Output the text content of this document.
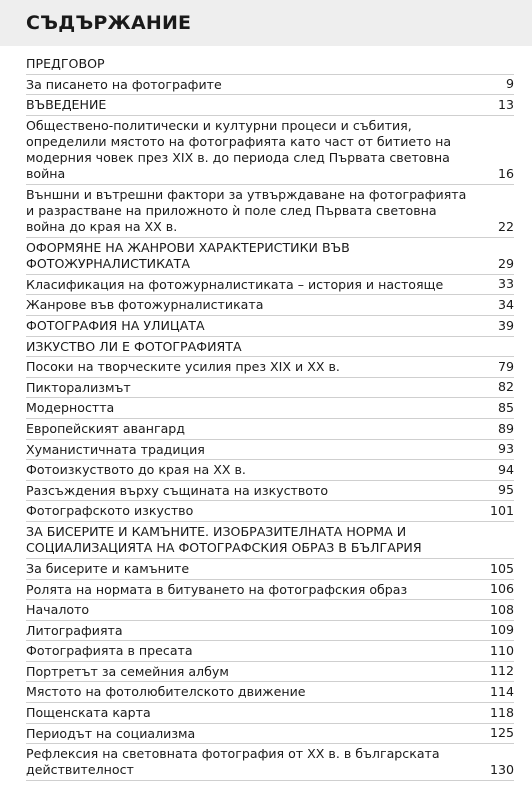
СЪДЪРЖАНИЕ
ПРЕДГОВОР
За писането на фотографите	9
ВЪВЕДЕНИЕ	13
Обществено-политически и културни процеси и събития, определили мястото на фотографията като част от битието на модерния човек през XIX в. до периода след Първата световна война	16
Външни и вътрешни фактори за утвърждаване на фотографията и разрастване на приложното ѝ поле след Първата световна война до края на XX в.	22
ОФОРМЯНЕ НА ЖАНРОВИ ХАРАКТЕРИСТИКИ ВЪВ ФОТОЖУРНАЛИСТИКАТА	29
Класификация на фотожурналистиката – история и настояще	33
Жанрове във фотожурналистиката	34
ФОТОГРАФИЯ НА УЛИЦАТА	39
ИЗКУСТВО ЛИ Е ФОТОГРАФИЯТА
Посоки на творческите усилия през XIX и XX в.	79
Пикторализмът	82
Модерността	85
Европейският авангард	89
Хуманистичната традиция	93
Фотоизкуството до края на XX в.	94
Разсъждения върху същината на изкуството	95
Фотографското изкуство	101
ЗА БИСЕРИТЕ И КАМЪНИТЕ. ИЗОБРАЗИТЕЛНАТА НОРМА И СОЦИАЛИЗАЦИЯТА НА ФОТОГРАФСКИЯ ОБРАЗ В БЪЛГАРИЯ
За бисерите и камъните	105
Ролята на нормата в битуването на фотографския образ	106
Началото	108
Литографията	109
Фотографията в пресата	110
Портретът за семейния албум	112
Мястото на фотолюбителското движение	114
Пощенската карта	118
Периодът на социализма	125
Рефлексия на световната фотография от XX в. в българската действителност	130
